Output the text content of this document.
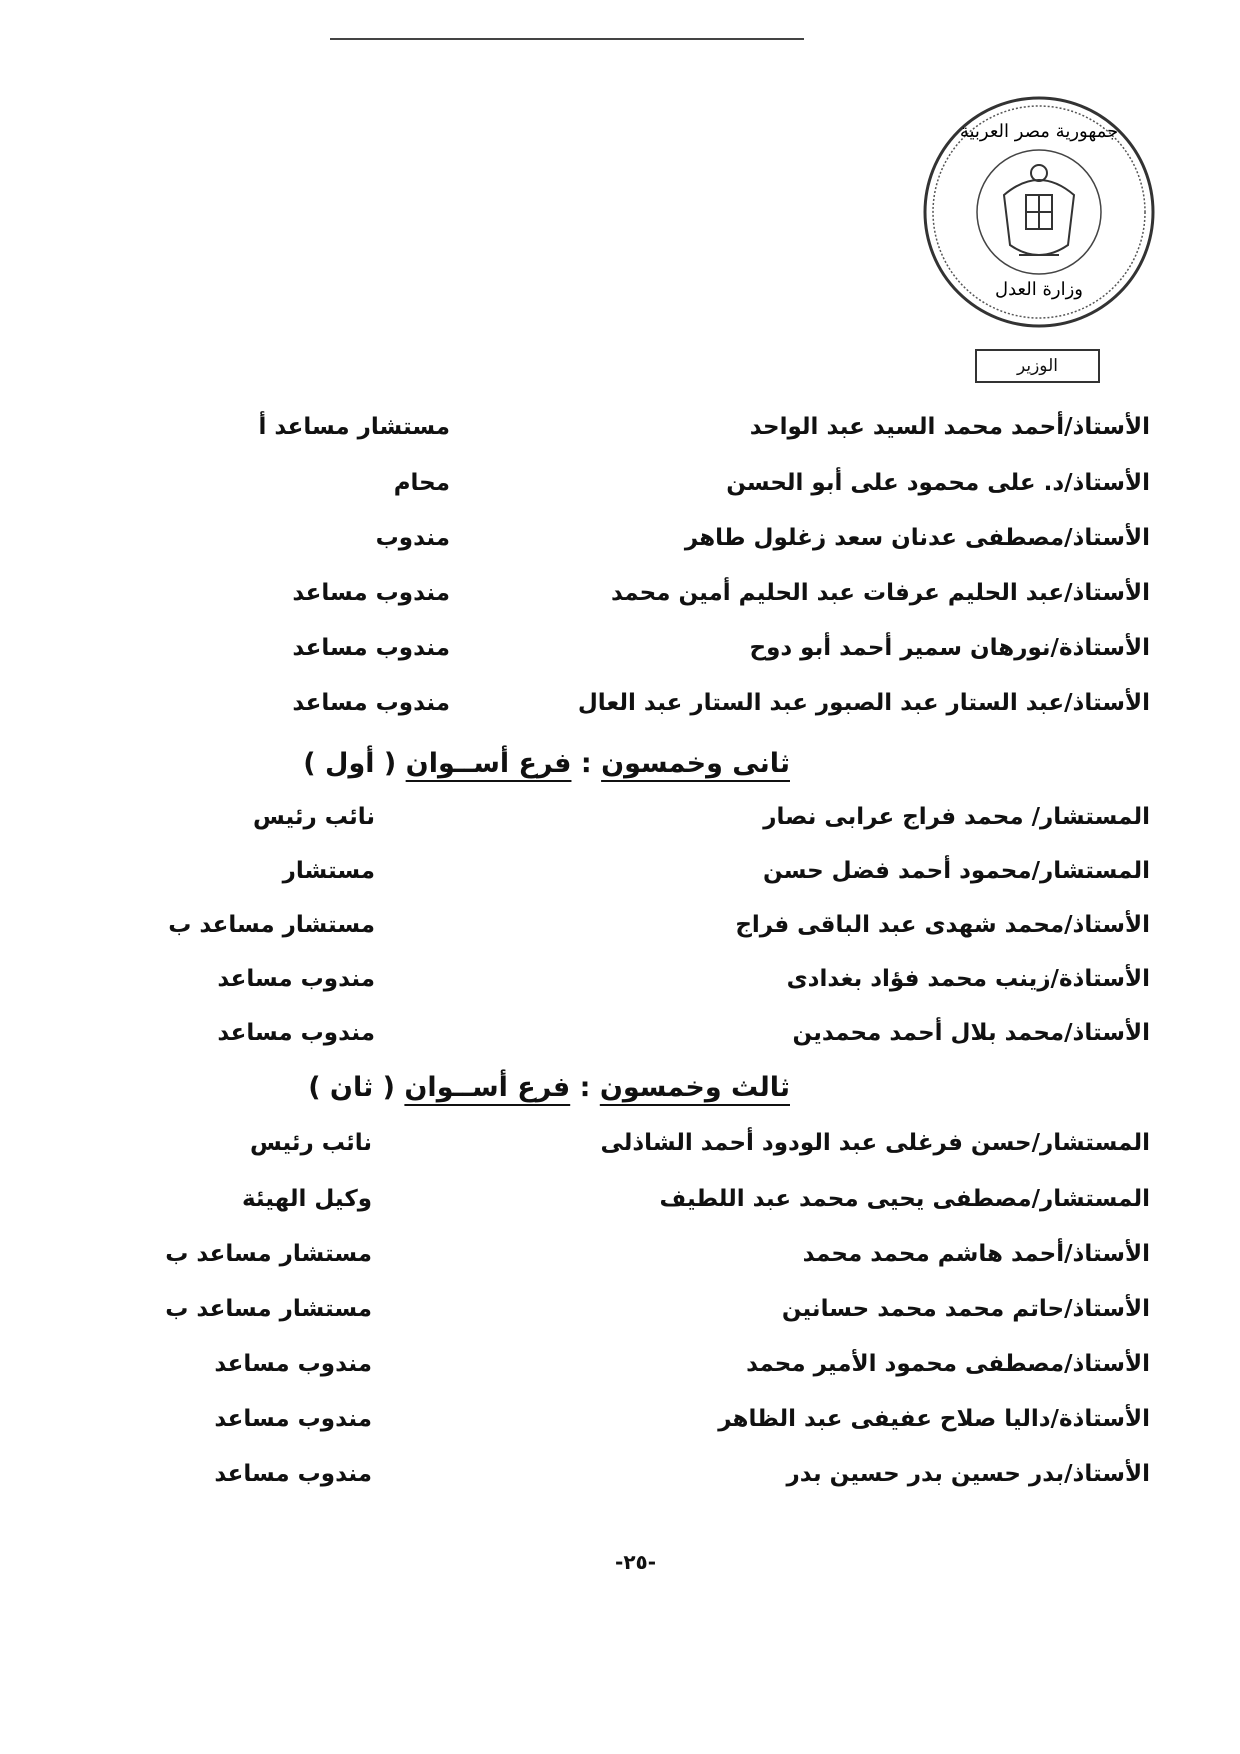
جمهورية مصر العربية
وزارة العدل
الوزير
الأستاذ/أحمد محمد السيد عبد الواحد
مستشار مساعد أ
الأستاذ/د. على محمود على أبو الحسن
محام
الأستاذ/مصطفى عدنان سعد زغلول طاهر
مندوب
الأستاذ/عبد الحليم عرفات عبد الحليم أمين محمد
مندوب مساعد
الأستاذة/نورهان سمير أحمد أبو دوح
مندوب مساعد
الأستاذ/عبد الستار عبد الصبور عبد الستار عبد العال
مندوب مساعد
ثانى وخمسون : فرع أســوان ( أول )
المستشار/ محمد فراج عرابى نصار
نائب رئيس
المستشار/محمود أحمد فضل حسن
مستشار
الأستاذ/محمد شهدى عبد الباقى فراج
مستشار مساعد ب
الأستاذة/زينب محمد فؤاد بغدادى
مندوب مساعد
الأستاذ/محمد بلال أحمد محمدين
مندوب مساعد
ثالث وخمسون : فرع أســوان ( ثان )
المستشار/حسن فرغلى عبد الودود أحمد الشاذلى
نائب رئيس
المستشار/مصطفى يحيى محمد عبد اللطيف
وكيل الهيئة
الأستاذ/أحمد هاشم محمد محمد
مستشار مساعد ب
الأستاذ/حاتم محمد محمد حسانين
مستشار مساعد ب
الأستاذ/مصطفى محمود الأمير محمد
مندوب مساعد
الأستاذة/داليا صلاح عفيفى عبد الظاهر
مندوب مساعد
الأستاذ/بدر حسين بدر حسين بدر
مندوب مساعد
-٢٥-
